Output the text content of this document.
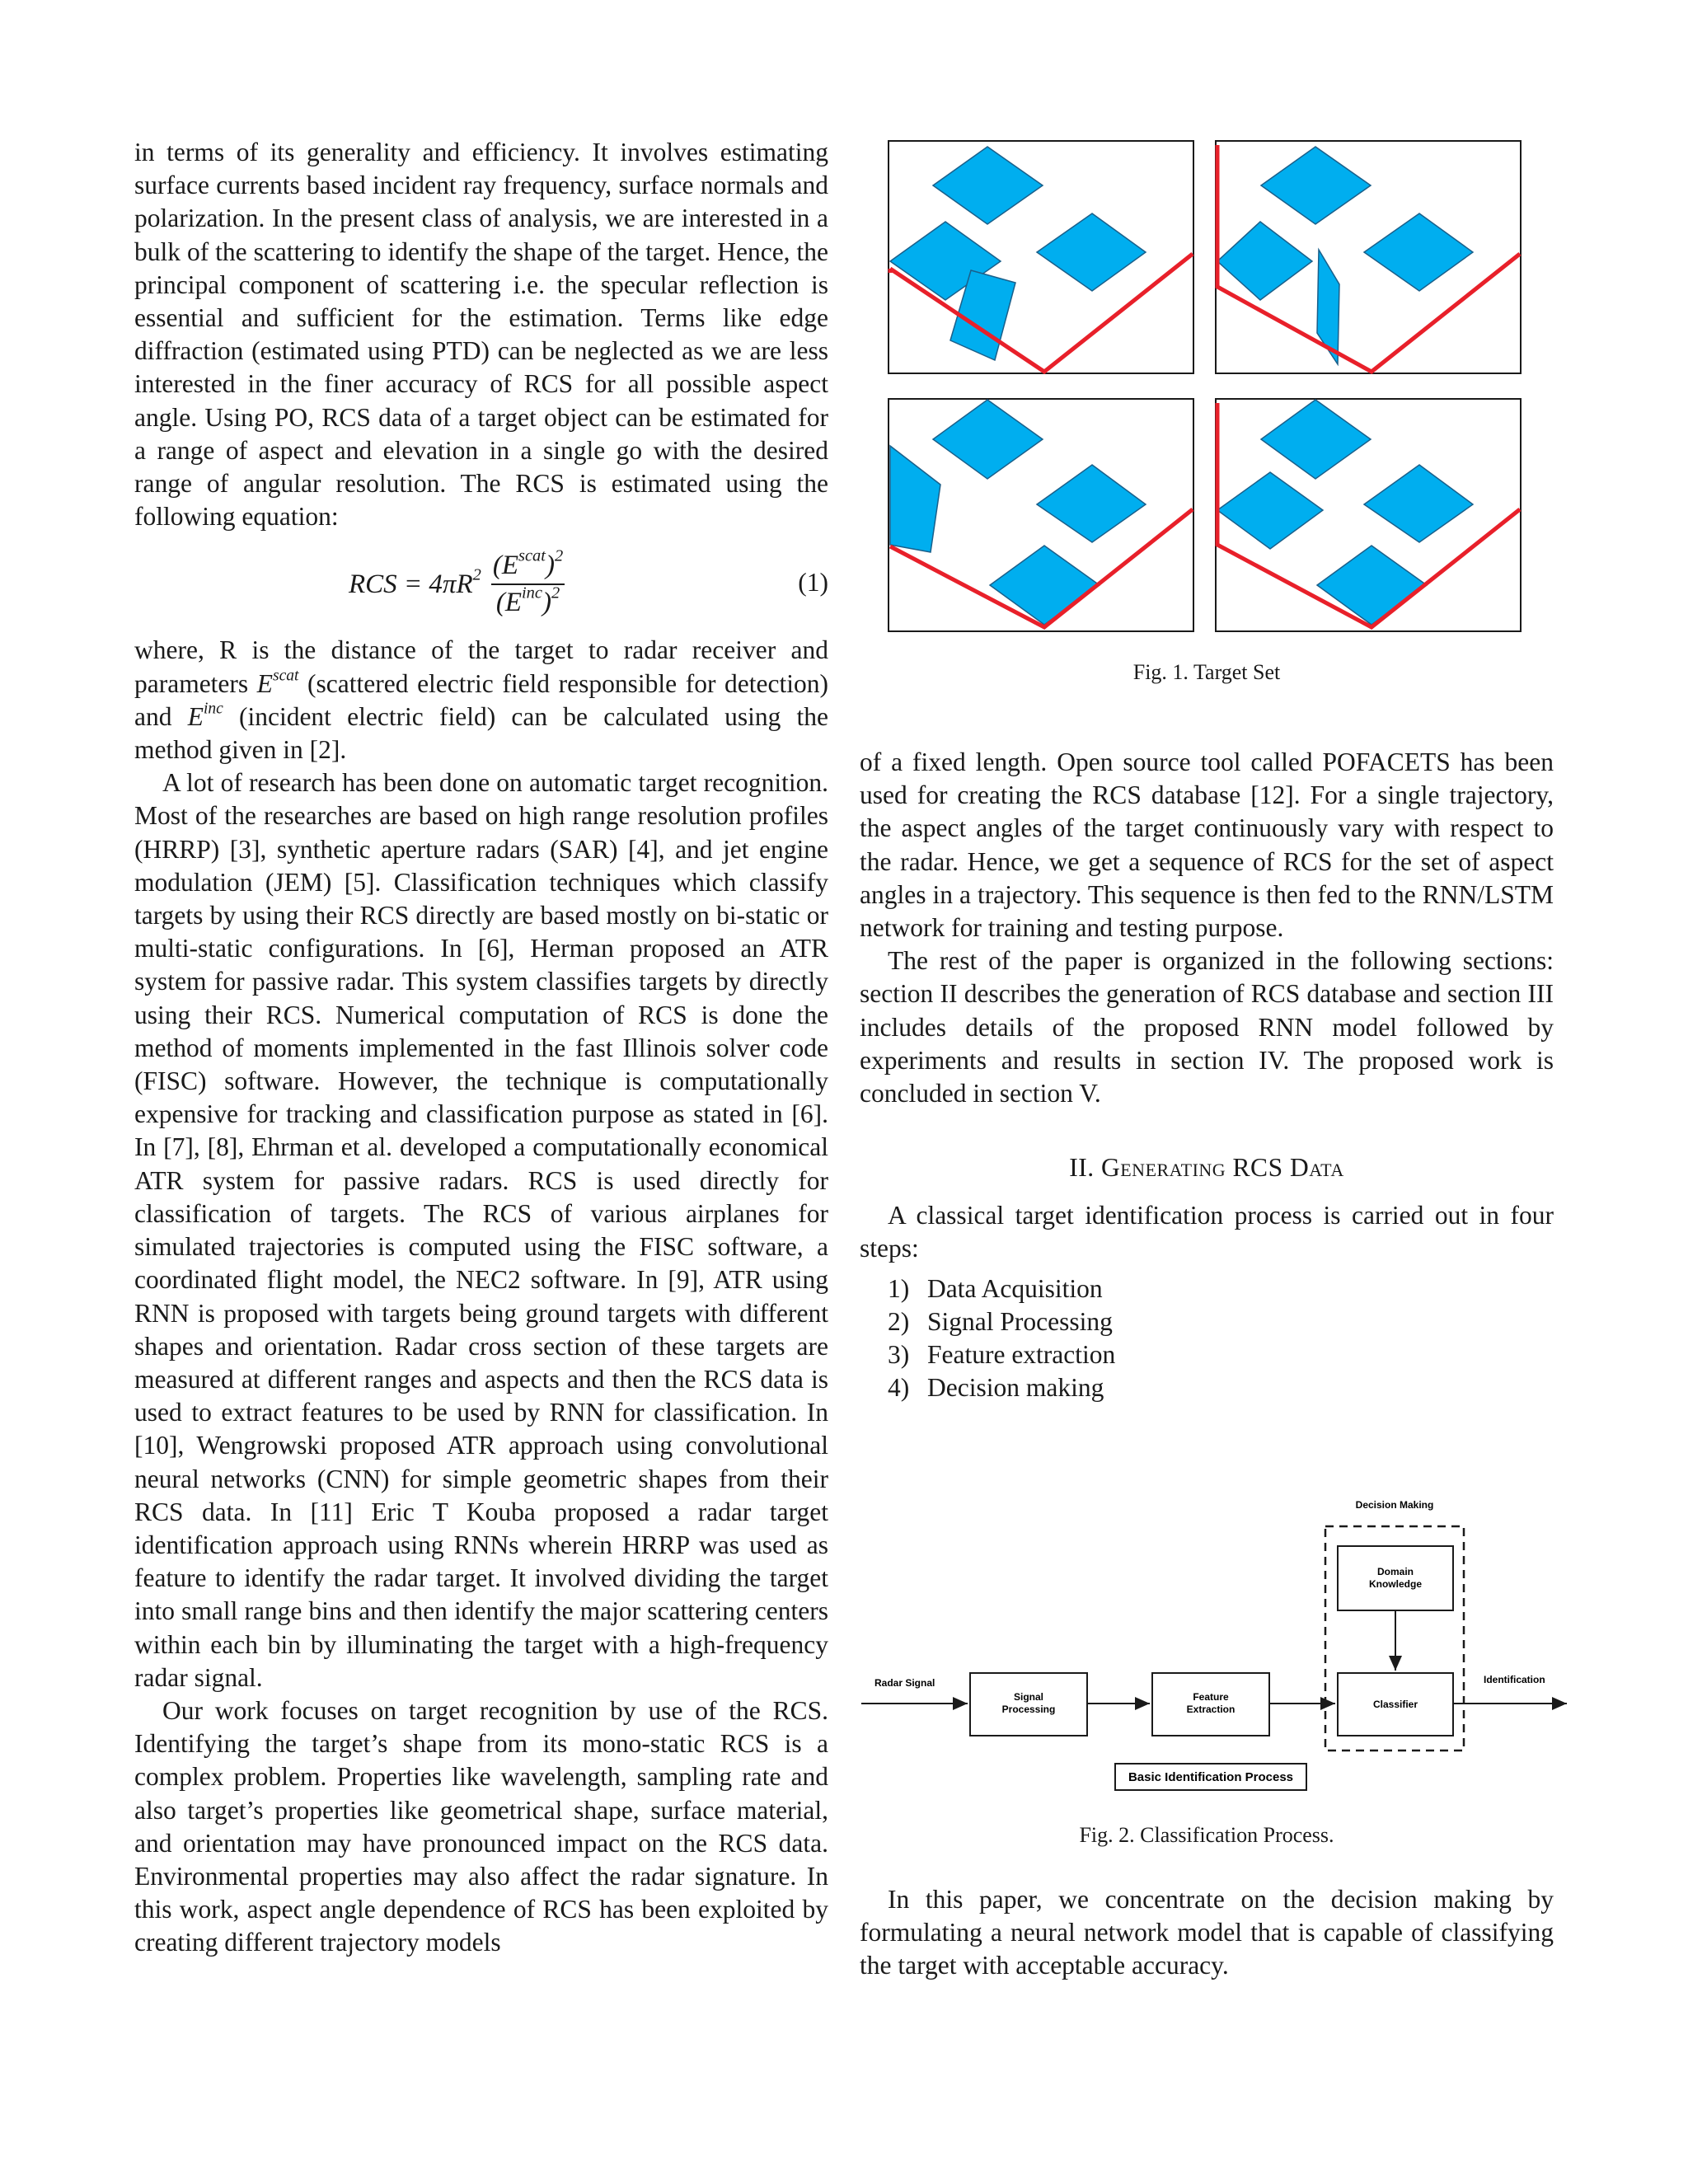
in terms of its generality and efficiency. It involves estimating surface currents based incident ray frequency, surface normals and polarization. In the present class of analysis, we are interested in a bulk of the scattering to identify the shape of the target. Hence, the principal component of scattering i.e. the specular reflection is essential and sufficient for the estimation. Terms like edge diffraction (estimated using PTD) can be neglected as we are less interested in the finer accuracy of RCS for all possible aspect angle. Using PO, RCS data of a target object can be estimated for a range of aspect and elevation in a single go with the desired range of angular resolution. The RCS is estimated using the following equation:

RCS = $4\pi R^2 \frac{(E^{scat})^2}{(E^{inc})^2}$	(1)

where, R is the distance of the target to radar receiver and parameters $E^{scat}$ (scattered electric field responsible for detection) and $E^{inc}$ (incident electric field) can be calculated using the method given in [2].

A lot of research has been done on automatic target recognition. Most of the researches are based on high range resolution profiles (HRRP) [3], synthetic aperture radars (SAR) [4], and jet engine modulation (JEM) [5]. Classification techniques which classify targets by using their RCS directly are based mostly on bi-static or multi-static configurations. In [6], Herman proposed an ATR system for passive radar. This system classifies targets by directly using their RCS. Numerical computation of RCS is done the method of moments implemented in the fast Illinois solver code (FISC) software. However, the technique is computationally expensive for tracking and classification purpose as stated in [6]. In [7], [8], Ehrman et al. developed a computationally economical ATR system for passive radars. RCS is used directly for classification of targets. The RCS of various airplanes for simulated trajectories is computed using the FISC software, a coordinated flight model, the NEC2 software. In [9], ATR using RNN is proposed with targets being ground targets with different shapes and orientation. Radar cross section of these targets are measured at different ranges and aspects and then the RCS data is used to extract features to be used by RNN for classification. In [10], Wengrowski proposed ATR approach using convolutional neural networks (CNN) for simple geometric shapes from their RCS data. In [11] Eric T Kouba proposed a radar target identification approach using RNNs wherein HRRP was used as feature to identify the radar target. It involved dividing the target into small range bins and then identify the major scattering centers within each bin by illuminating the target with a high-frequency radar signal.

Our work focuses on target recognition by use of the RCS. Identifying the target’s shape from its mono-static RCS is a complex problem. Properties like wavelength, sampling rate and also target’s properties like geometrical shape, surface material, and orientation may have pronounced impact on the RCS data. Environmental properties may also affect the radar signature. In this work, aspect angle dependence of RCS has been exploited by creating different trajectory models

Fig. 1. Target Set

of a fixed length. Open source tool called POFACETS has been used for creating the RCS database [12]. For a single trajectory, the aspect angles of the target continuously vary with respect to the radar. Hence, we get a sequence of RCS for the set of aspect angles in a trajectory. This sequence is then fed to the RNN/LSTM network for training and testing purpose.

The rest of the paper is organized in the following sections: section II describes the generation of RCS database and section III includes details of the proposed RNN model followed by experiments and results in section IV. The proposed work is concluded in section V.

II. Generating RCS Data

A classical target identification process is carried out in four steps:

1) Data Acquisition
2) Signal Processing
3) Feature extraction
4) Decision making
Fig. 2. Classification Process.

In this paper, we concentrate on the decision making by formulating a neural network model that is capable of classifying the target with acceptable accuracy.

Decision Making
Domain
Knowledge
Radar Signal
Signal
Processing
Feature
Extraction	Classifier
Identification
Basic Identification Process
